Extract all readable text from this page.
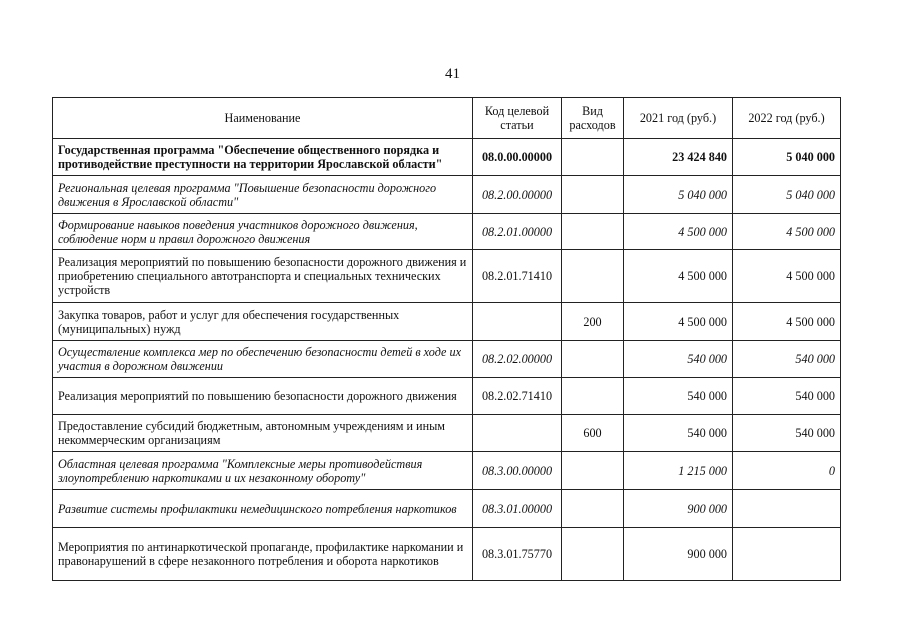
41
Наименование	Код целевой статьи	Вид расходов	2021 год (руб.)	2022 год (руб.)
Государственная программа "Обеспечение общественного порядка и противодействие преступности на территории Ярославской области"	08.0.00.00000		23 424 840	5 040 000
Региональная целевая программа "Повышение безопасности дорожного движения в Ярославской области"	08.2.00.00000		5 040 000	5 040 000
Формирование навыков поведения участников дорожного движения, соблюдение норм и правил дорожного движения	08.2.01.00000		4 500 000	4 500 000
Реализация мероприятий по повышению безопасности дорожного движения и приобретению специального автотранспорта и специальных технических устройств	08.2.01.71410		4 500 000	4 500 000
Закупка товаров, работ и услуг для обеспечения государственных (муниципальных) нужд		200	4 500 000	4 500 000
Осуществление комплекса мер по обеспечению безопасности детей в ходе их участия в дорожном движении	08.2.02.00000		540 000	540 000
Реализация мероприятий по повышению безопасности дорожного движения	08.2.02.71410		540 000	540 000
Предоставление субсидий бюджетным, автономным учреждениям и иным некоммерческим организациям		600	540 000	540 000
Областная целевая программа "Комплексные меры противодействия злоупотреблению наркотиками и их незаконному обороту"	08.3.00.00000		1 215 000	0
Развитие системы профилактики немедицинского потребления наркотиков	08.3.01.00000		900 000	
Мероприятия по антинаркотической пропаганде, профилактике наркомании и правонарушений в сфере незаконного потребления и оборота наркотиков	08.3.01.75770		900 000	
